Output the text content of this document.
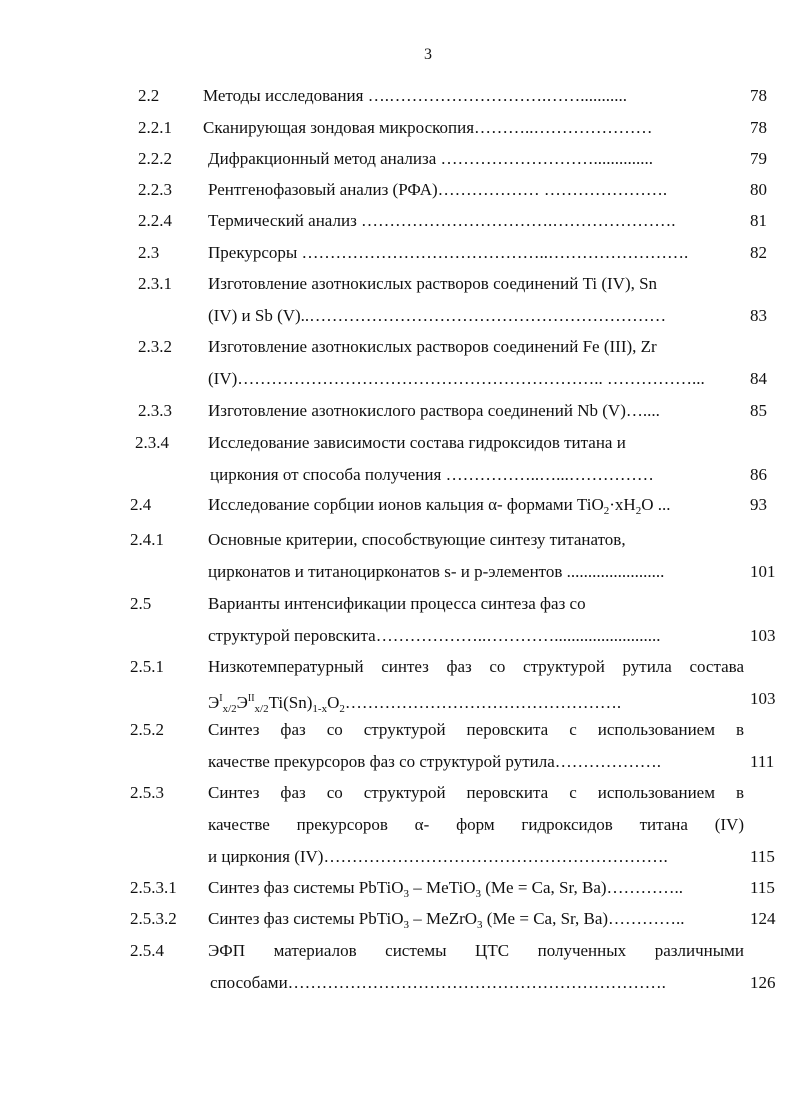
3
2.2	Методы исследования ….……………………….……...........	78
2.2.1 Сканирующая зондовая микроскопия………..…………………	78
2.2.2 Дифракционный метод анализа ………………………..............	79
2.2.3 Рентгенофазовый анализ (РФА)……………… ………………….	80
2.2.4 Термический анализ …………………………….………………….	81
2.3	Прекурсоры ……………………………………..…………………….	82
2.3.1 Изготовление азотнокислых растворов соединений Ti (IV), Sn
(IV) и Sb (V)..………………………………………………………	83
2.3.2 Изготовление азотнокислых растворов соединений Fe (III), Zr
(IV)……………………………………………………….. ……………...	84
2.3.3 Изготовление азотнокислого раствора соединений Nb (V)…....	85
2.3.4 Исследование зависимости состава гидроксидов титана и
циркония от способа получения ……………..…...……………	86
2.4	Исследование сорбции ионов кальция α- формами $TiO_2\cdot xH_2O$ ...	93
2.4.1	Основные критерии, способствующие синтезу титанатов,
цирконатов и титаноцирконатов s- и p-элементов .......................	101
2.5	Варианты интенсификации процесса синтеза фаз со
структурой перовскита………………..………….........................	103
2.5.1	Низкотемпературный синтез фаз со структурой рутила состава
$Э^I_{x/2}Э^{II}_{x/2}Ti(Sn)_{1-x}O_2\dots\dots\dots\dots\dots\dots\dots\dots\dots\dots\dots\dots\dots\dots\dots\dots$.	103
2.5.2	Синтез фаз со структурой перовскита с использованием в
качестве прекурсоров фаз со структурой рутила……………….	111
2.5.3	Синтез фаз со структурой перовскита с использованием в
качестве прекурсоров α- форм гидроксидов титана (IV)
и циркония (IV)…………………………………………………….	115
2.5.3.1 Синтез фаз системы PbTiO$_3$ – MeTiO$_3$ (Me = Ca, Sr, Ba)…………..	115
2.5.3.2 Синтез фаз системы PbTiO$_3$ – MeZrO$_3$ (Me = Ca, Sr, Ba)…………..	124
2.5.4	ЭФП материалов системы ЦТС полученных различными
способами………………………………………………………….	126
